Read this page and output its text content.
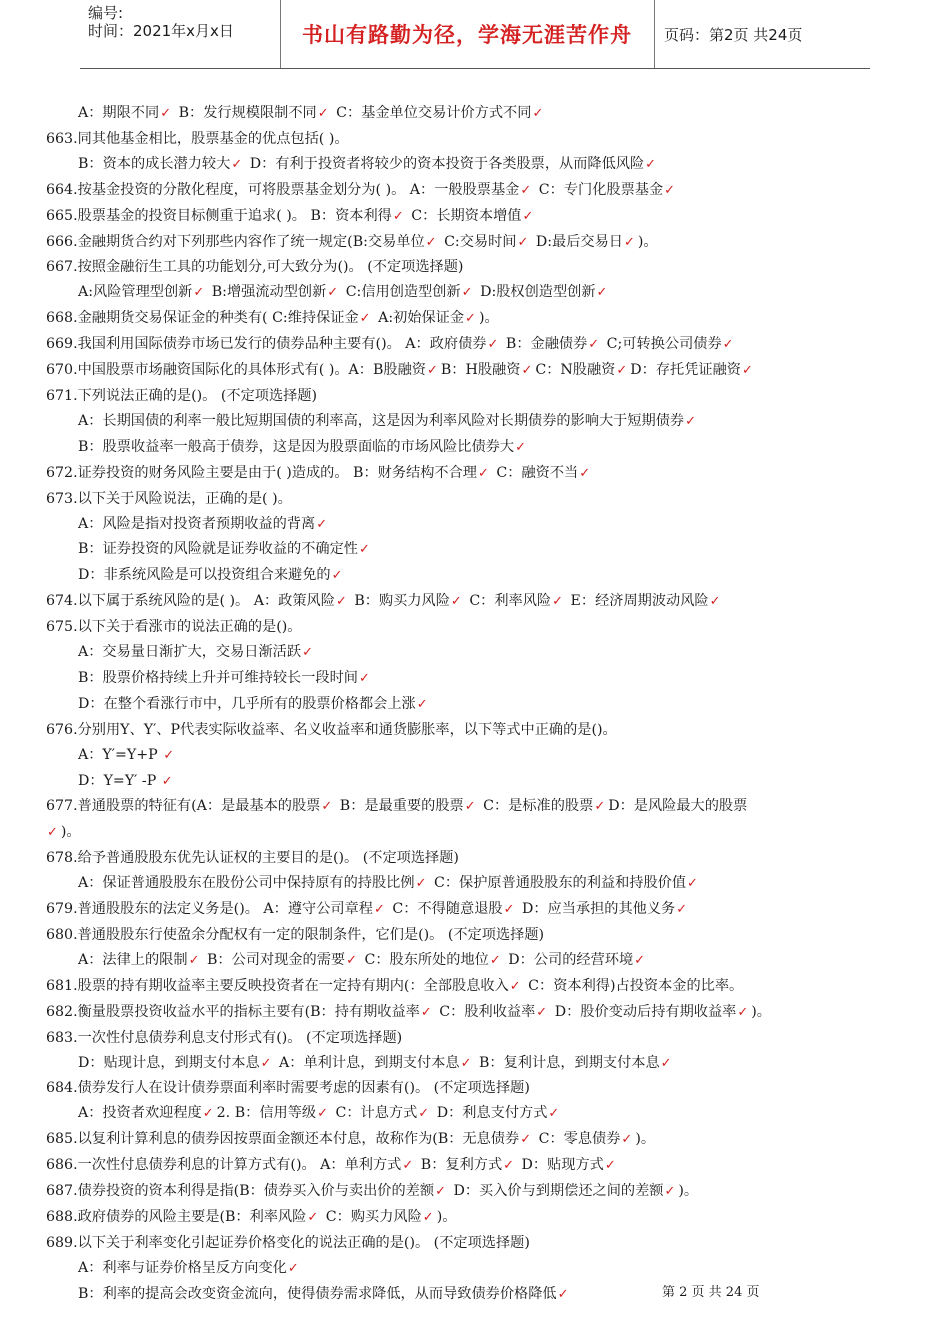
编号:
时间：2021年x月x日	书山有路勤为径，学海无涯苦作舟	页码：第2页 共24页
A：期限不同✓ B：发行规模限制不同✓ C：基金单位交易计价方式不同✓
663.同其他基金相比，股票基金的优点包括( )。
B：资本的成长潜力较大✓ D：有利于投资者将较少的资本投资于各类股票，从而降低风险✓
664.按基金投资的分散化程度，可将股票基金划分为( )。 A：一般股票基金✓ C：专门化股票基金✓
665.股票基金的投资目标侧重于追求( )。 B：资本利得✓ C：长期资本增值✓
666.金融期货合约对下列那些内容作了统一规定(B:交易单位✓ C:交易时间✓ D:最后交易日✓ )。
667.按照金融衍生工具的功能划分,可大致分为()。 (不定项选择题)
A:风险管理型创新✓ B:增强流动型创新✓ C:信用创造型创新✓ D:股权创造型创新✓
668.金融期货交易保证金的种类有( C:维持保证金✓ A:初始保证金✓ )。
669.我国利用国际债券市场已发行的债券品种主要有()。 A：政府债券✓ B：金融债券✓ C;可转换公司债券✓
670.中国股票市场融资国际化的具体形式有( )。A：B股融资✓ B：H股融资✓ C：N股融资✓ D：存托凭证融资✓
671.下列说法正确的是()。 (不定项选择题)
A：长期国债的利率一般比短期国债的利率高，这是因为利率风险对长期债券的影响大于短期债券✓
B：股票收益率一般高于债券，这是因为股票面临的市场风险比债券大✓
672.证券投资的财务风险主要是由于( )造成的。 B：财务结构不合理✓ C：融资不当✓
673.以下关于风险说法，正确的是( )。
A：风险是指对投资者预期收益的背离✓
B：证券投资的风险就是证券收益的不确定性✓
D：非系统风险是可以投资组合来避免的✓
674.以下属于系统风险的是( )。 A：政策风险✓ B：购买力风险✓ C：利率风险✓ E：经济周期波动风险✓
675.以下关于看涨市的说法正确的是()。
A：交易量日渐扩大，交易日渐活跃✓
B：股票价格持续上升并可维持较长一段时间✓
D：在整个看涨行市中，几乎所有的股票价格都会上涨✓
676.分别用Y、Y′、P代表实际收益率、名义收益率和通货膨胀率，以下等式中正确的是()。
A：Y′=Y+P ✓
D：Y=Y′ -P ✓
677.普通股票的特征有(A：是最基本的股票✓ B：是最重要的股票✓ C：是标准的股票✓ D：是风险最大的股票
✓ )。
678.给予普通股股东优先认证权的主要目的是()。 (不定项选择题)
A：保证普通股股东在股份公司中保持原有的持股比例✓ C：保护原普通股股东的利益和持股价值✓
679.普通股股东的法定义务是()。 A：遵守公司章程✓ C：不得随意退股✓ D：应当承担的其他义务✓
680.普通股股东行使盈余分配权有一定的限制条件，它们是()。 (不定项选择题)
A：法律上的限制✓ B：公司对现金的需要✓ C：股东所处的地位✓ D：公司的经营环境✓
681.股票的持有期收益率主要反映投资者在一定持有期内(：全部股息收入✓ C：资本利得)占投资本金的比率。
682.衡量股票投资收益水平的指标主要有(B：持有期收益率✓ C：股利收益率✓ D：股价变动后持有期收益率✓ )。
683.一次性付息债券利息支付形式有()。 (不定项选择题)
D：贴现计息，到期支付本息✓ A：单利计息，到期支付本息✓ B：复利计息，到期支付本息✓
684.债券发行人在设计债券票面利率时需要考虑的因素有()。 (不定项选择题)
A：投资者欢迎程度✓ 2. B：信用等级✓ C：计息方式✓ D：利息支付方式✓
685.以复利计算利息的债券因按票面金额还本付息，故称作为(B：无息债券✓ C：零息债券✓ )。
686.一次性付息债券利息的计算方式有()。 A：单利方式✓ B：复利方式✓ D：贴现方式✓
687.债券投资的资本利得是指(B：债券买入价与卖出价的差额✓ D：买入价与到期偿还之间的差额✓ )。
688.政府债券的风险主要是(B：利率风险✓ C：购买力风险✓ )。
689.以下关于利率变化引起证券价格变化的说法正确的是()。 (不定项选择题)
A：利率与证券价格呈反方向变化✓
B：利率的提高会改变资金流向，使得债券需求降低，从而导致债券价格降低✓	第 2 页 共 24 页
